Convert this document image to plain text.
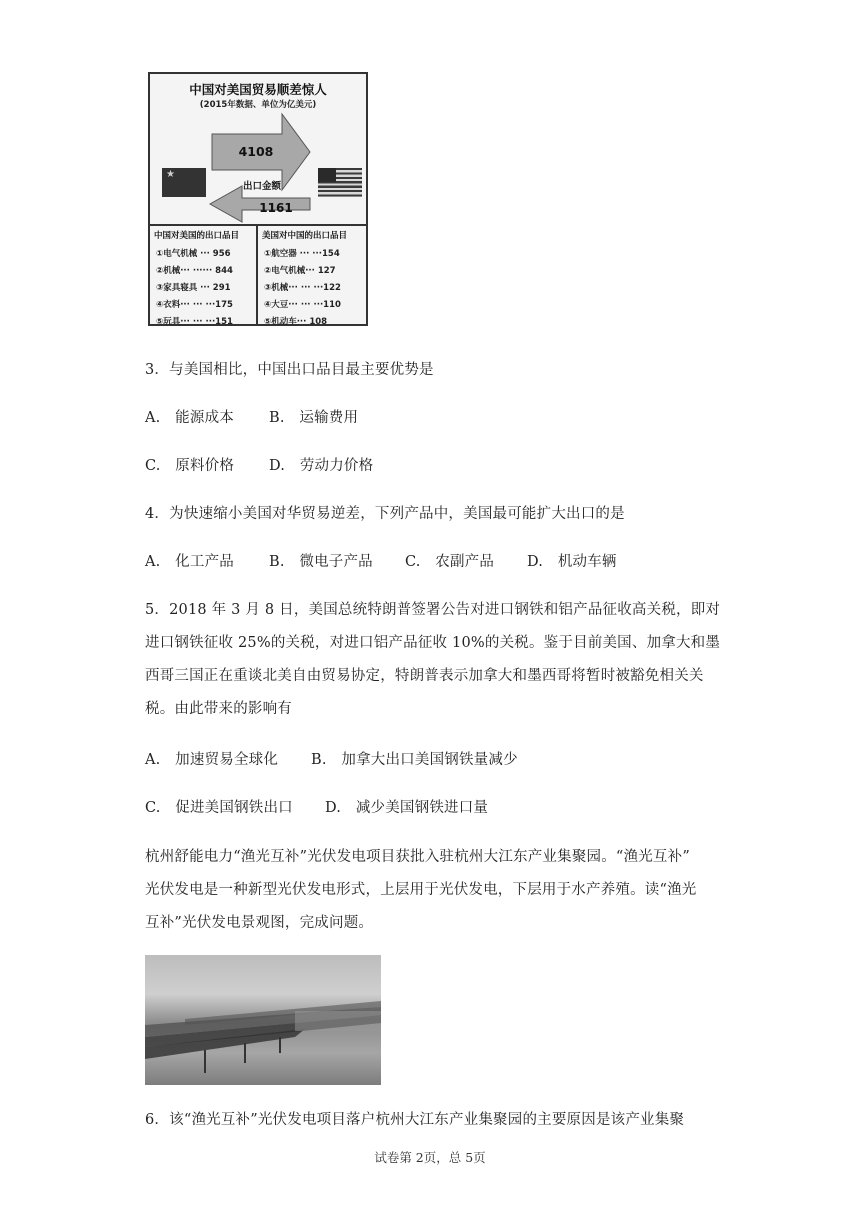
中国对美国贸易顺差惊人
(2015年数据、单位为亿美元)
★
4108
出口金额
1161
中国对美国的出口品目
①电气机械 ··· 956
②机械··· ······ 844
③家具寝具 ··· 291
④衣料··· ··· ···175
⑤玩具··· ··· ···151
美国对中国的出口品目
①航空器 ··· ···154
②电气机械··· 127
③机械··· ··· ···122
④大豆··· ··· ···110
⑤机动车··· 108
3．与美国相比，中国出口品目最主要优势是
A.　能源成本 B.　运输费用
C.　原料价格 D.　劳动力价格
4．为快速缩小美国对华贸易逆差，下列产品中，美国最可能扩大出口的是
A.　化工产品 B.　微电子产品 C.　农副产品 D.　机动车辆
5．2018 年 3 月 8 日，美国总统特朗普签署公告对进口钢铁和铝产品征收高关税，即对
进口钢铁征收 25%的关税，对进口铝产品征收 10%的关税。鉴于目前美国、加拿大和墨
西哥三国正在重谈北美自由贸易协定，特朗普表示加拿大和墨西哥将暂时被豁免相关关
税。由此带来的影响有
A.　加速贸易全球化 B.　加拿大出口美国钢铁量减少
C.　促进美国钢铁出口 D.　减少美国钢铁进口量
杭州舒能电力“渔光互补”光伏发电项目获批入驻杭州大江东产业集聚园。“渔光互补”
光伏发电是一种新型光伏发电形式，上层用于光伏发电，下层用于水产养殖。读“渔光
互补”光伏发电景观图，完成问题。
6．该“渔光互补”光伏发电项目落户杭州大江东产业集聚园的主要原因是该产业集聚
试卷第 2页，总 5页
